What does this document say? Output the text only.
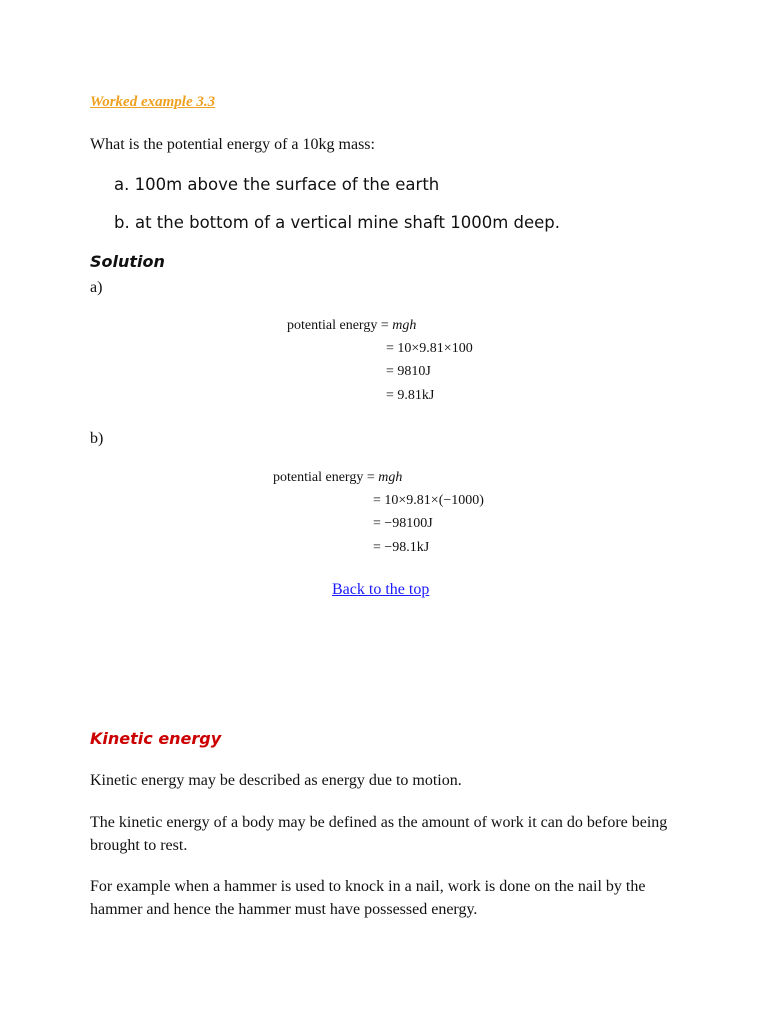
Worked example 3.3
What is the potential energy of a 10kg mass:
a. 100m above the surface of the earth
b. at the bottom of a vertical mine shaft 1000m deep.
Solution
a)
potential energy = mgh
= 10×9.81×100
= 9810J
= 9.81kJ
b)
potential energy = mgh
= 10×9.81×(−1000)
= −98100J
= −98.1kJ
Back to the top
Kinetic energy
Kinetic energy may be described as energy due to motion.
The kinetic energy of a body may be defined as the amount of work it can do before being brought to rest.
For example when a hammer is used to knock in a nail, work is done on the nail by the hammer and hence the hammer must have possessed energy.
